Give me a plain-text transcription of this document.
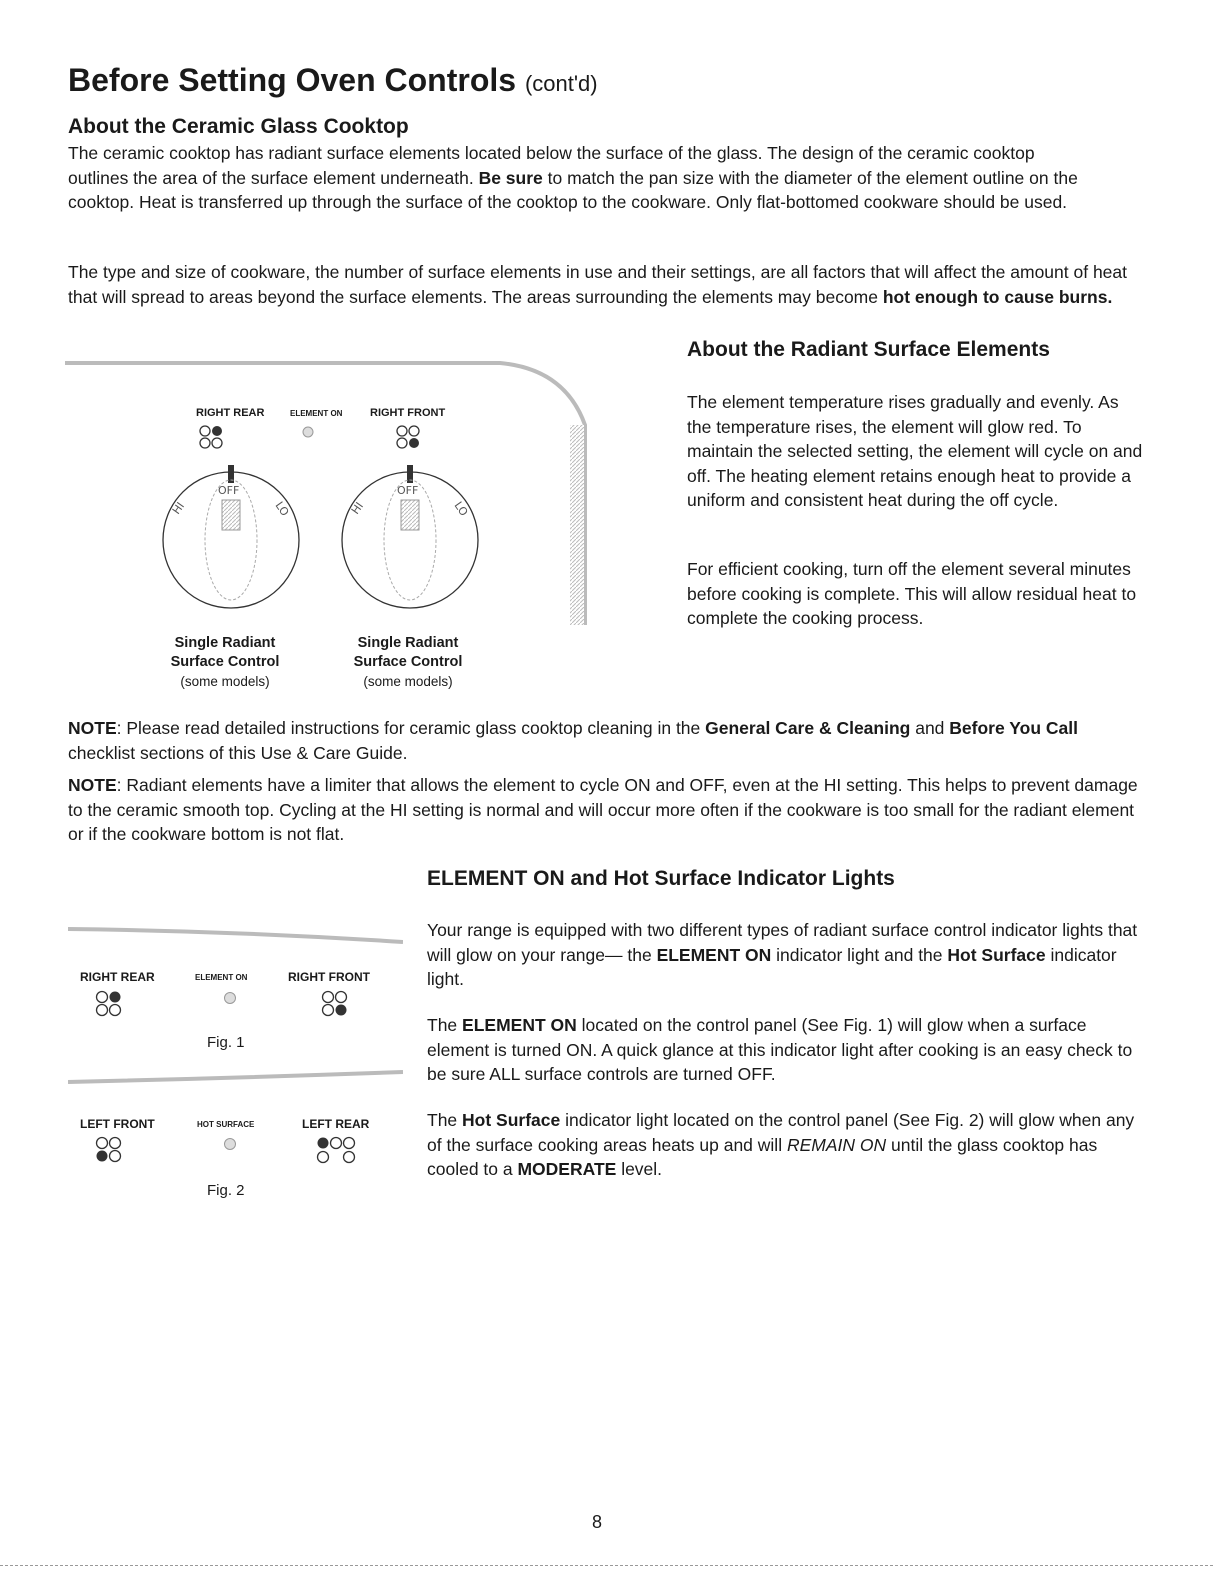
Before Setting Oven Controls (cont'd)
About the Ceramic Glass Cooktop
The ceramic cooktop has radiant surface elements located below the surface of the glass. The design of the ceramic cooktop outlines the area of the surface element underneath. Be sure to match the pan size with the diameter of the element outline on the cooktop. Heat is transferred up through the surface of the cooktop to the cookware. Only flat-bottomed cookware should be used.
The type and size of cookware, the number of surface elements in use and their settings, are all factors that will affect the amount of heat that will spread to areas beyond the surface elements. The areas surrounding the elements may become hot enough to cause burns.
OFF
HI	LO
OFF
HI	LO
RIGHT REAR	ELEMENT ON	RIGHT FRONT
Single Radiant
Surface Control
(some models)
Single Radiant
Surface Control
(some models)
About the Radiant Surface Elements
The element temperature rises gradually and evenly. As the temperature rises, the element will glow red. To maintain the selected setting, the element will cycle on and off. The heating element retains enough heat to provide a uniform and consistent heat during the off cycle.
For efficient cooking, turn off the element several minutes before cooking is complete. This will allow residual heat to complete the cooking process.
NOTE: Please read detailed instructions for ceramic glass cooktop cleaning in the General Care & Cleaning and Before You Call checklist sections of this Use & Care Guide.
NOTE: Radiant elements have a limiter that allows the element to cycle ON and OFF, even at the HI setting. This helps to prevent damage to the ceramic smooth top. Cycling at the HI setting is normal and will occur more often if the cookware is too small for the radiant element or if the cookware bottom is not flat.
ELEMENT ON and Hot Surface Indicator Lights
Your range is equipped with two different types of radiant surface control indicator lights that will glow on your range— the ELEMENT ON indicator light and the Hot Surface indicator light.
The ELEMENT ON located on the control panel (See Fig. 1) will glow when a surface element is turned ON. A quick glance at this indicator light after cooking is an easy check to be sure ALL surface controls are turned OFF.
The Hot Surface indicator light located on the control panel (See Fig. 2) will glow when any of the surface cooking areas heats up and will REMAIN ON until the glass cooktop has cooled to a MODERATE level.
RIGHT REAR	ELEMENT ON	RIGHT FRONT
Fig. 1
LEFT FRONT	HOT SURFACE	LEFT REAR
Fig. 2
8
